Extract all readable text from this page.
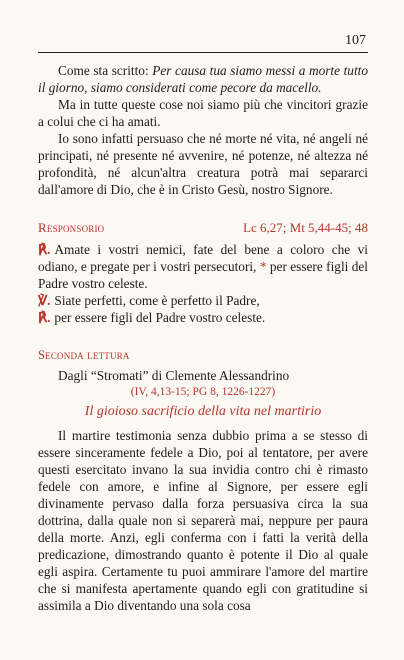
107

Come sta scritto: Per causa tua siamo messi a morte tutto il giorno, siamo considerati come pecore da macello.

Ma in tutte queste cose noi siamo più che vincitori grazie a colui che ci ha amati.

Io sono infatti persuaso che né morte né vita, né angeli né principati, né presente né avvenire, né potenze, né altezza né profondità, né alcun'altra creatura potrà mai separarci dall'amore di Dio, che è in Cristo Gesù, nostro Signore.

Responsorio	Lc 6,27; Mt 5,44-45; 48

℟. Amate i vostri nemici, fate del bene a coloro che vi odiano, e pregate per i vostri persecutori, * per essere figli del Padre vostro celeste.

℣. Siate perfetti, come è perfetto il Padre,

℟. per essere figli del Padre vostro celeste.

Seconda lettura

Dagli “Stromati” di Clemente Alessandrino

(IV, 4,13-15; PG 8, 1226-1227)

Il gioioso sacrificio della vita nel martirio

Il martire testimonia senza dubbio prima a se stesso di essere sinceramente fedele a Dio, poi al tentatore, per avere questi esercitato invano la sua invidia contro chi è rimasto fedele con amore, e infine al Signore, per essere egli divinamente pervaso dalla forza persuasiva circa la sua dottrina, dalla quale non si separerà mai, neppure per paura della morte. Anzi, egli conferma con i fatti la verità della predicazione, dimostrando quanto è potente il Dio al quale egli aspira. Certamente tu puoi ammirare l'amore del martire che si manifesta apertamente quando egli con gratitudine si assimila a Dio diventando una sola cosa
